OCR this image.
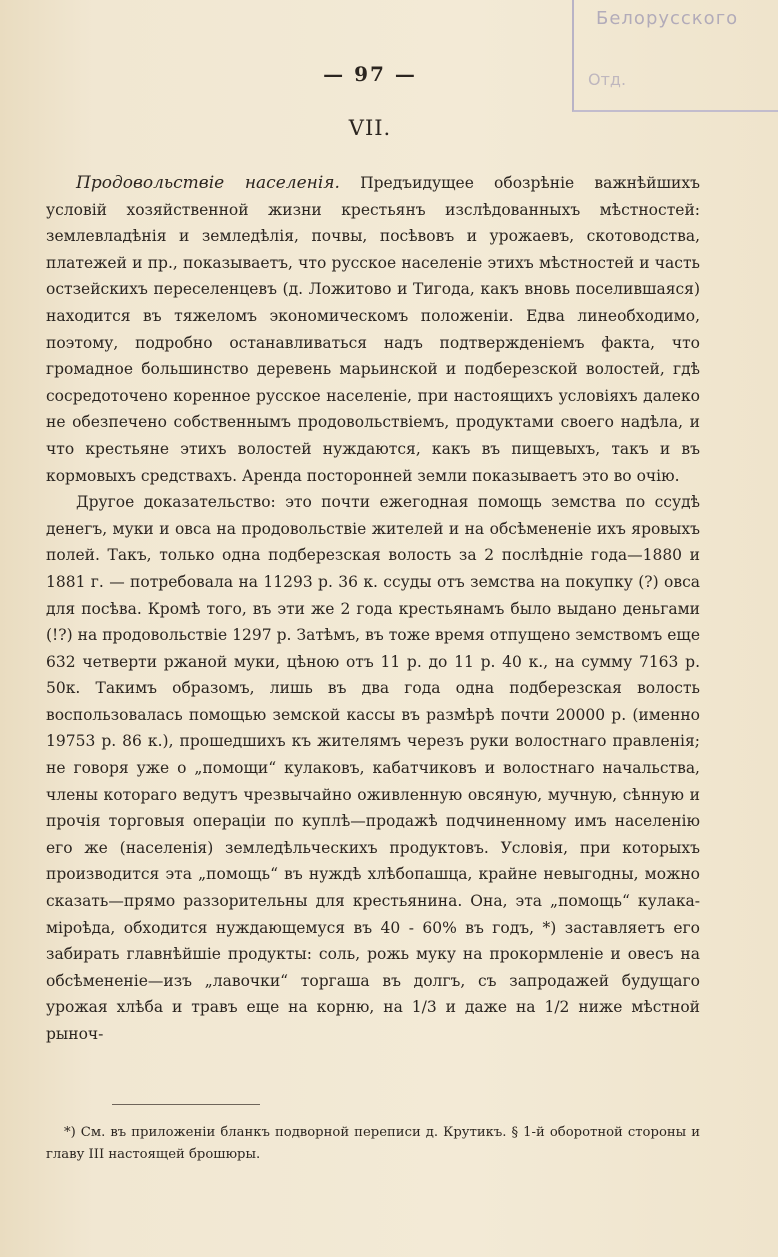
Белорусского
Отд.
— 97 —
VII.

Продовольствіе населенія. Предъидущее обозрѣніе важнѣйшихъ условій хозяйственной жизни крестьянъ изслѣдованныхъ мѣстностей: землевладѣнія и земледѣлія, почвы, посѣвовъ и урожаевъ, скотоводства, платежей и пр., показываетъ, что русское населеніе этихъ мѣстностей и часть остзейскихъ переселенцевъ (д. Ложитово и Тигода, какъ вновь поселившаяся) находится въ тяжеломъ экономическомъ положеніи. Едва линеобходимо, поэтому, подробно останавливаться надъ подтвержденіемъ факта, что громадное большинство деревень марьинской и подберезской волостей, гдѣ сосредоточено коренное русское населеніе, при настоящихъ условіяхъ далеко не обезпечено собственнымъ продовольствіемъ, продуктами своего надѣла, и что крестьяне этихъ волостей нуждаются, какъ въ пищевыхъ, такъ и въ кормовыхъ средствахъ. Аренда посторонней земли показываетъ это во очію.

Другое доказательство: это почти ежегодная помощь земства по ссудѣ денегъ, муки и овса на продовольствіе жителей и на обсѣмененіе ихъ яровыхъ полей. Такъ, только одна подберезская волость за 2 послѣдніе года—1880 и 1881 г. — потребовала на 11293 р. 36 к. ссуды отъ земства на покупку (?) овса для посѣва. Кромѣ того, въ эти же 2 года крестьянамъ было выдано деньгами (!?) на продовольствіе 1297 р. Затѣмъ, въ тоже время отпущено земствомъ еще 632 четверти ржаной муки, цѣною отъ 11 р. до 11 р. 40 к., на сумму 7163 р. 50к. Такимъ образомъ, лишь въ два года одна подберезская волость воспользовалась помощью земской кассы въ размѣрѣ почти 20000 р. (именно 19753 р. 86 к.), прошедшихъ къ жителямъ черезъ руки волостнаго правленія; не говоря уже о „помощи“ кулаковъ, кабатчиковъ и волостнаго начальства, члены котораго ведутъ чрезвычайно оживленную овсяную, мучную, сѣнную и прочія торговыя операціи по куплѣ—продажѣ подчиненному имъ населенію его же (населенія) земледѣльческихъ продуктовъ. Условія, при которыхъ производится эта „помощь“ въ нуждѣ хлѣбопашца, крайне невыгодны, можно сказать—прямо раззорительны для крестьянина. Она, эта „помощь“ кулака-міроѣда, обходится нуждающемуся въ 40 - 60% въ годъ, *) заставляетъ его забирать главнѣйшіе продукты: соль, рожь муку на прокормленіе и овесъ на обсѣмененіе—изъ „лавочки“ торгаша въ долгъ, съ запродажей будущаго урожая хлѣба и травъ еще на корню, на 1/3 и даже на 1/2 ниже мѣстной рыноч-

*) См. въ приложеніи бланкъ подворной переписи д. Крутикъ. § 1-й оборотной стороны и главу III настоящей брошюры.
